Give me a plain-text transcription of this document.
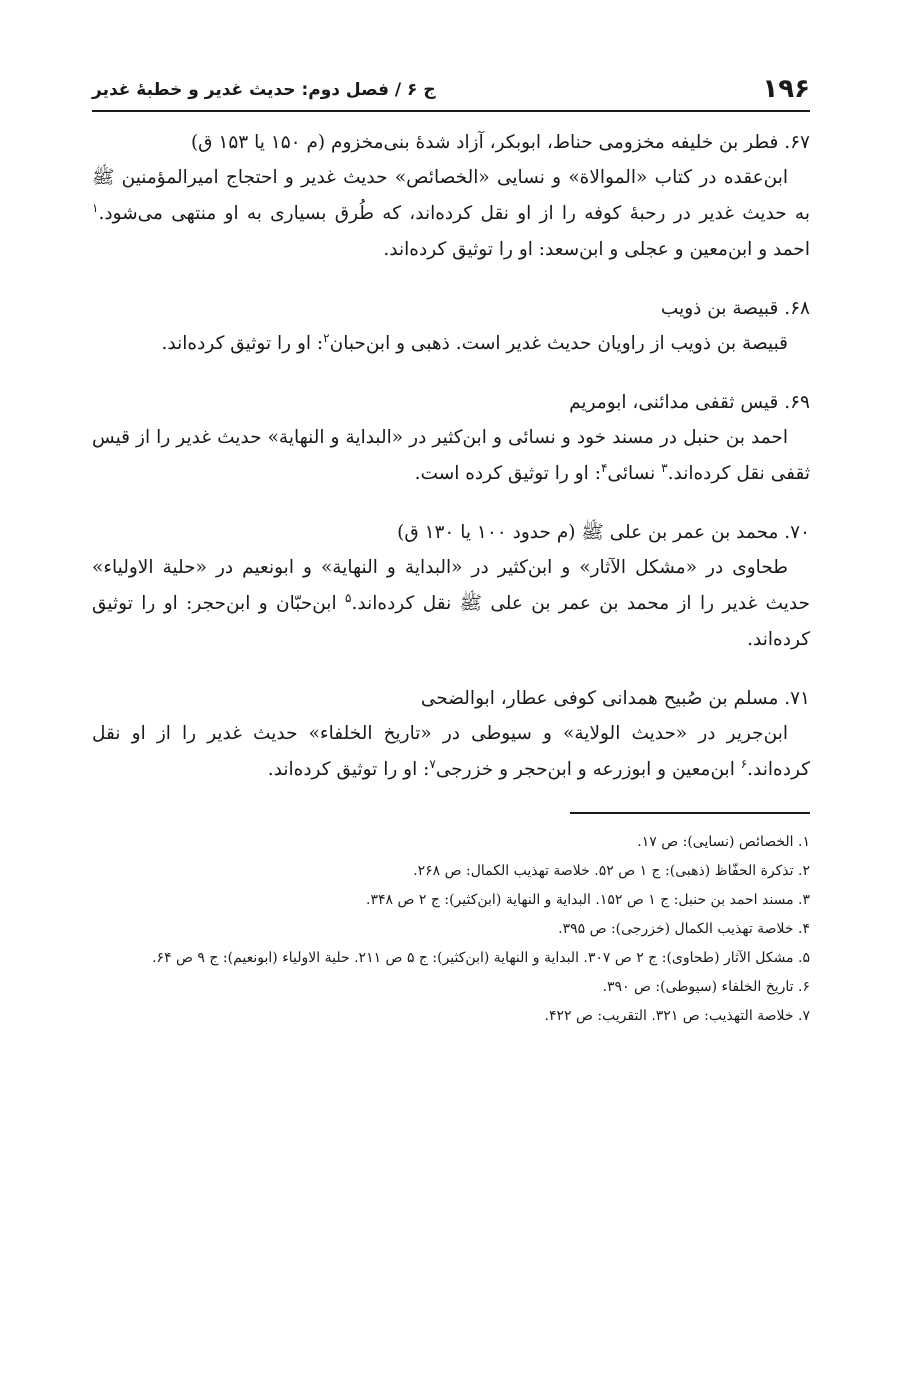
۱۹۶
ج ۶ / فصل دوم: حدیث غدیر و خطبهٔ غدیر

۶۷. فطر بن خلیفه مخزومی حناط، ابوبکر، آزاد شدهٔ بنی‌مخزوم (م ۱۵۰ یا ۱۵۳ ق)

ابن‌عقده در کتاب «الموالاة» و نسایی «الخصائص» حدیث غدیر و احتجاج امیرالمؤمنین ﷺ به حدیث غدیر در رحبهٔ کوفه را از او نقل کرده‌اند، که طُرق بسیاری به او منتهی می‌شود.$^۱$ احمد و ابن‌معین و عجلی و ابن‌سعد: او را توثیق کرده‌اند.

۶۸. قبیصة بن ذویب

قبیصة بن ذویب از راویان حدیث غدیر است. ذهبی و ابن‌حبان$^۲$: او را توثیق کرده‌اند.

۶۹. قیس ثقفی مدائنی، ابومریم

احمد بن حنبل در مسند خود و نسائی و ابن‌کثیر در «البدایة و النهایة» حدیث غدیر را از قیس ثقفی نقل کرده‌اند.$^۳$ نسائی$^۴$: او را توثیق کرده است.

۷۰. محمد بن عمر بن علی ﷺ (م حدود ۱۰۰ یا ۱۳۰ ق)

طحاوی در «مشکل الآثار» و ابن‌کثیر در «البدایة و النهایة» و ابونعیم در «حلیة الاولیاء» حدیث غدیر را از محمد بن عمر بن علی ﷺ نقل کرده‌اند.$^۵$ ابن‌حبّان و ابن‌حجر: او را توثیق کرده‌اند.

۷۱. مسلم بن صُبیح همدانی کوفی عطار، ابوالضحی

ابن‌جریر در «حدیث الولایة» و سیوطی در «تاریخ الخلفاء» حدیث غدیر را از او نقل کرده‌اند.$^۶$ ابن‌معین و ابوزرعه و ابن‌حجر و خزرجی$^۷$: او را توثیق کرده‌اند.

۱. الخصائص (نسایی): ص ۱۷.

۲. تذکرة الحفّاظ (ذهبی): ج ۱ ص ۵۲. خلاصة تهذیب الکمال: ص ۲۶۸.

۳. مسند احمد بن حنبل: ج ۱ ص ۱۵۲. البدایة و النهایة (ابن‌کثیر): ج ۲ ص ۳۴۸.

۴. خلاصة تهذیب الکمال (خزرجی): ص ۳۹۵.

۵. مشکل الآثار (طحاوی): ج ۲ ص ۳۰۷. البدایة و النهایة (ابن‌کثیر): ج ۵ ص ۲۱۱. حلیة الاولیاء (ابونعیم): ج ۹ ص ۶۴.

۶. تاریخ الخلفاء (سیوطی): ص ۳۹۰.

۷. خلاصة التهذیب: ص ۳۲۱. التقریب: ص ۴۲۲.
